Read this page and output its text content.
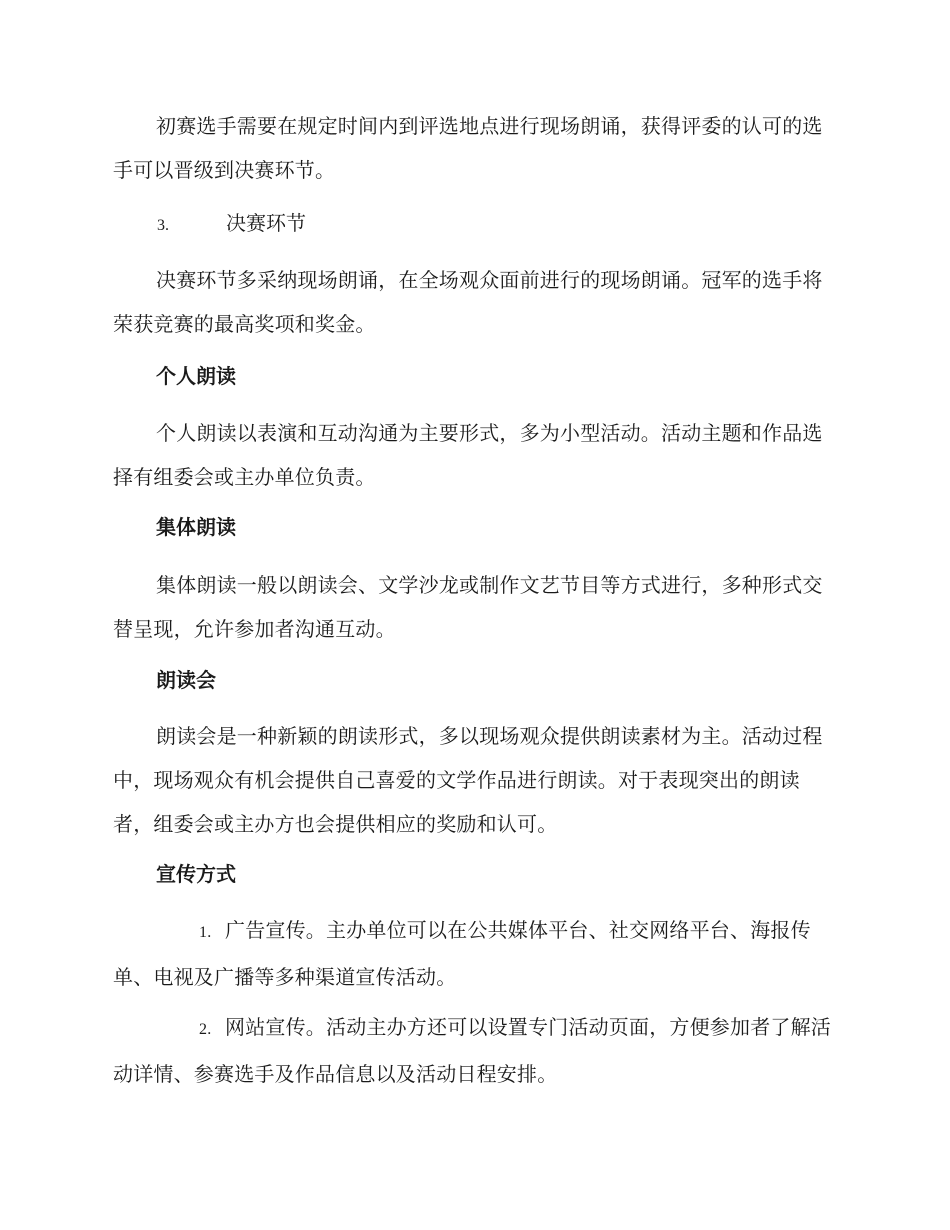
初赛选手需要在规定时间内到评选地点进行现场朗诵，获得评委的认可的选手可以晋级到决赛环节。

3.	决赛环节

决赛环节多采纳现场朗诵，在全场观众面前进行的现场朗诵。冠军的选手将荣获竞赛的最高奖项和奖金。

个人朗读

个人朗读以表演和互动沟通为主要形式，多为小型活动。活动主题和作品选择有组委会或主办单位负责。

集体朗读

集体朗读一般以朗读会、文学沙龙或制作文艺节目等方式进行，多种形式交替呈现，允许参加者沟通互动。

朗读会

朗读会是一种新颖的朗读形式，多以现场观众提供朗读素材为主。活动过程中，现场观众有机会提供自己喜爱的文学作品进行朗读。对于表现突出的朗读者，组委会或主办方也会提供相应的奖励和认可。

宣传方式

1. 广告宣传。主办单位可以在公共媒体平台、社交网络平台、海报传单、电视及广播等多种渠道宣传活动。

2. 网站宣传。活动主办方还可以设置专门活动页面，方便参加者了解活动详情、参赛选手及作品信息以及活动日程安排。
